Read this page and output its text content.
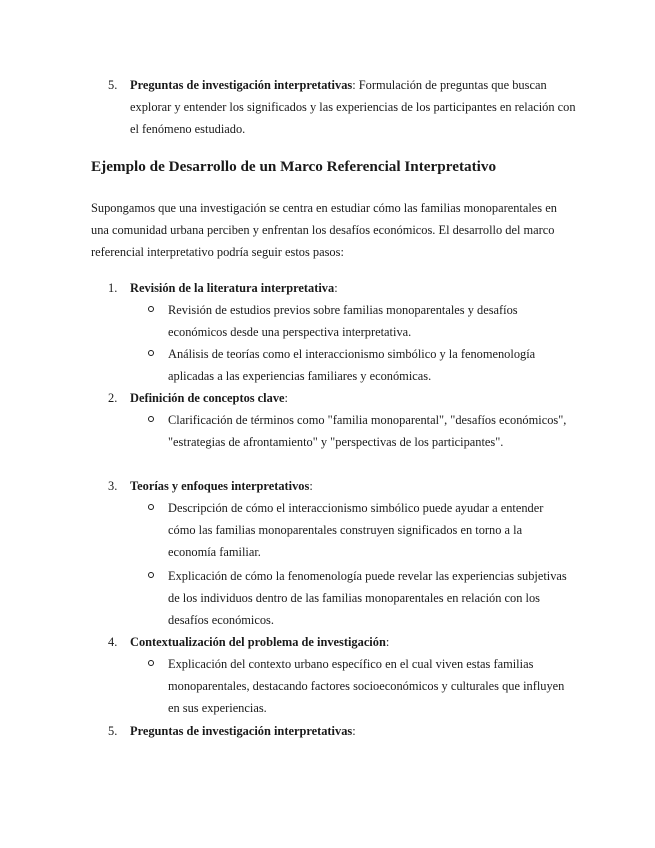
5.	Preguntas de investigación interpretativas: Formulación de preguntas que buscan explorar y entender los significados y las experiencias de los participantes en relación con el fenómeno estudiado.
Ejemplo de Desarrollo de un Marco Referencial Interpretativo
Supongamos que una investigación se centra en estudiar cómo las familias monoparentales en una comunidad urbana perciben y enfrentan los desafíos económicos. El desarrollo del marco referencial interpretativo podría seguir estos pasos:
1.	Revisión de la literatura interpretativa:
Revisión de estudios previos sobre familias monoparentales y desafíos económicos desde una perspectiva interpretativa.
Análisis de teorías como el interaccionismo simbólico y la fenomenología aplicadas a las experiencias familiares y económicas.
2.	Definición de conceptos clave:
Clarificación de términos como "familia monoparental", "desafíos económicos", "estrategias de afrontamiento" y "perspectivas de los participantes".
3.	Teorías y enfoques interpretativos:
Descripción de cómo el interaccionismo simbólico puede ayudar a entender cómo las familias monoparentales construyen significados en torno a la economía familiar.
Explicación de cómo la fenomenología puede revelar las experiencias subjetivas de los individuos dentro de las familias monoparentales en relación con los desafíos económicos.
4.	Contextualización del problema de investigación:
Explicación del contexto urbano específico en el cual viven estas familias monoparentales, destacando factores socioeconómicos y culturales que influyen en sus experiencias.
5.	Preguntas de investigación interpretativas:
